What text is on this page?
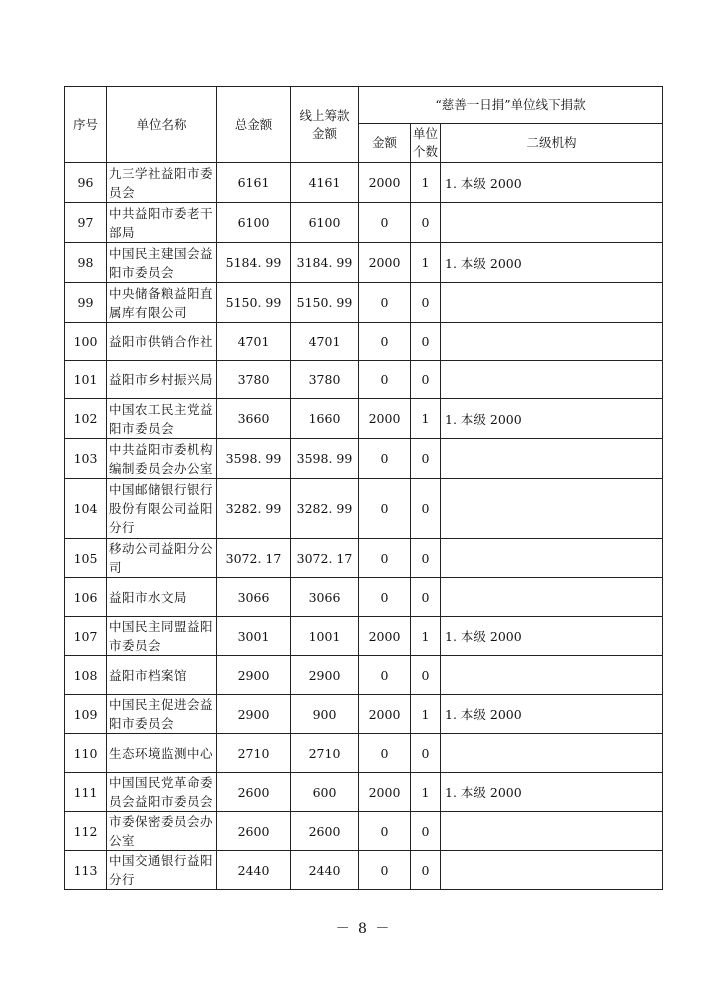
序号	单位名称	总金额	线上筹款金额	“慈善一日捐”单位线下捐款		
				金额	单位个数	二级机构
96	九三学社益阳市委员会	6161	4161	2000	1	1. 本级 2000
97	中共益阳市委老干部局	6100	6100	0	0	
98	中国民主建国会益阳市委员会	5184. 99	3184. 99	2000	1	1. 本级 2000
99	中央储备粮益阳直属库有限公司	5150. 99	5150. 99	0	0	
100	益阳市供销合作社	4701	4701	0	0	
101	益阳市乡村振兴局	3780	3780	0	0	
102	中国农工民主党益阳市委员会	3660	1660	2000	1	1. 本级 2000
103	中共益阳市委机构编制委员会办公室	3598. 99	3598. 99	0	0	
104	中国邮储银行银行股份有限公司益阳分行	3282. 99	3282. 99	0	0	
105	移动公司益阳分公司	3072. 17	3072. 17	0	0	
106	益阳市水文局	3066	3066	0	0	
107	中国民主同盟益阳市委员会	3001	1001	2000	1	1. 本级 2000
108	益阳市档案馆	2900	2900	0	0	
109	中国民主促进会益阳市委员会	2900	900	2000	1	1. 本级 2000
110	生态环境监测中心	2710	2710	0	0	
111	中国国民党革命委员会益阳市委员会	2600	600	2000	1	1. 本级 2000
112	市委保密委员会办公室	2600	2600	0	0	
113	中国交通银行益阳分行	2440	2440	0	0	
－ 8 －
